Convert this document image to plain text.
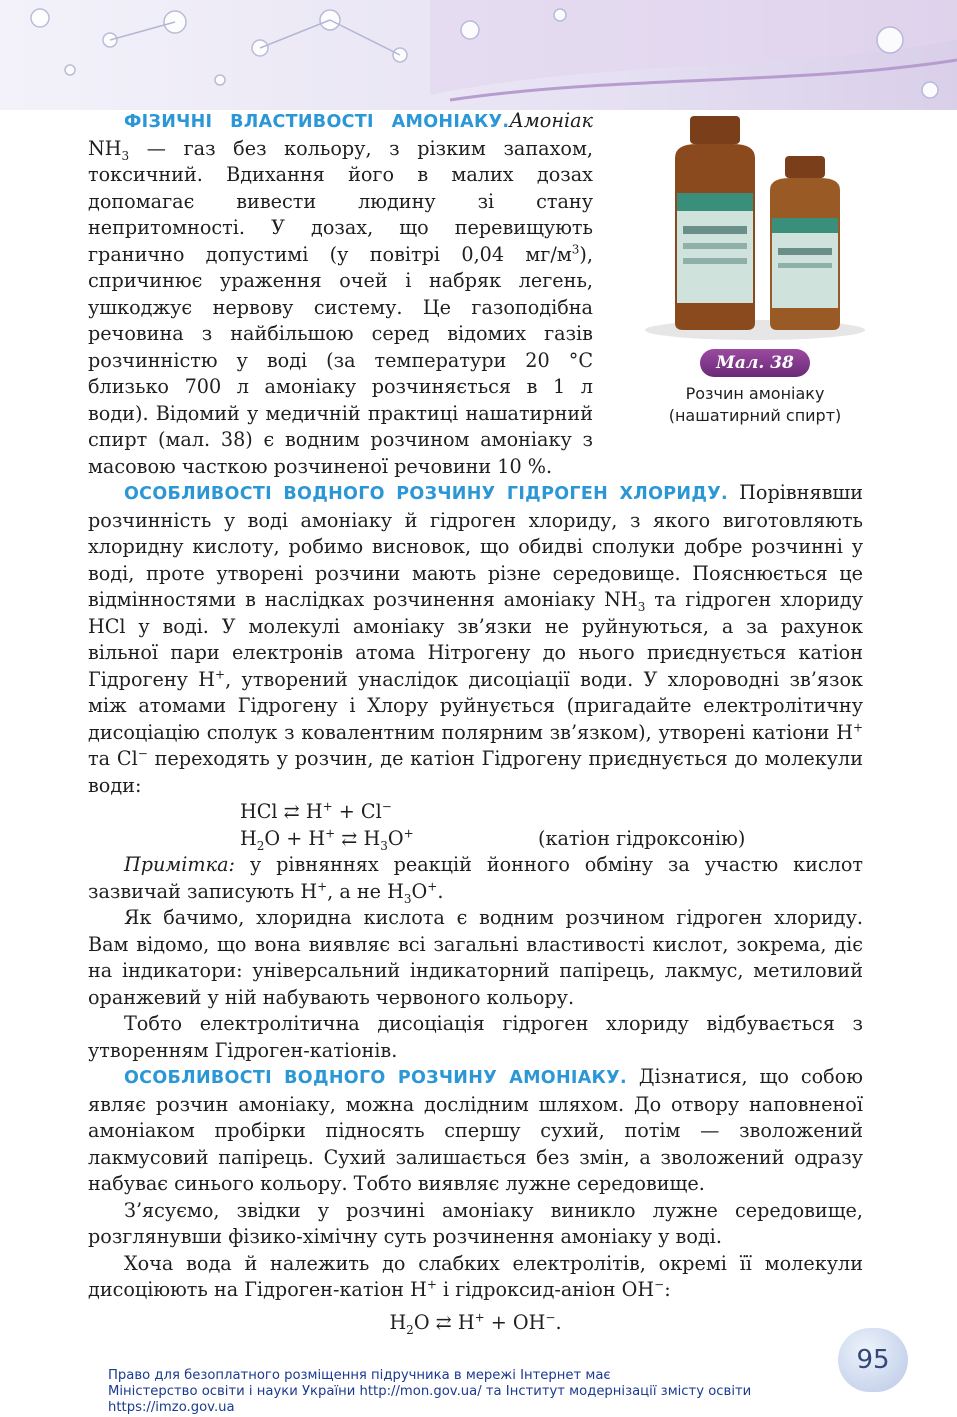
Мал. 38
Розчин амоніаку
(нашатирний спирт)

ФІЗИЧНІ ВЛАСТИВОСТІ АМОНІАКУ.Амоніак $NH_3$ — газ без кольору, з різким запахом, токсичний. Вдихання його в малих дозах допомагає вивести людину зі стану непритомності. У дозах, що перевищують гранично допустимі (у повітрі 0,04 $мг/м^3$), спричинює ураження очей і набряк легень, ушкоджує нервову систему. Це газоподібна речовина з найбільшою серед відомих газів розчинністю у воді (за температури 20 °С близько 700 л амоніаку розчиняється в 1 л води). Відомий у медичній практиці нашатирний спирт (мал. 38) є водним розчином амоніаку з масовою часткою розчиненої речовини 10 %.

ОСОБЛИВОСТІ ВОДНОГО РОЗЧИНУ ГІДРОГЕН ХЛОРИДУ. Порівнявши розчинність у воді амоніаку й гідроген хлориду, з якого виготовляють хлоридну кислоту, робимо висновок, що обидві сполуки добре розчинні у воді, проте утворені розчини мають різне середовище. Пояснюється це відмінностями в наслідках розчинення амоніаку $NH_3$ та гідроген хлориду HCl у воді. У молекулі амоніаку зв’язки не руйнуються, а за рахунок вільної пари електронів атома Нітрогену до нього приєднується катіон Гідрогену H+, утворений унаслідок дисоціації води. У хлороводні зв’язок між атомами Гідрогену і Хлору руйнується (пригадайте електролітичну дисоціацію сполук з ковалентним полярним зв’язком), утворені катіони H+ та Cl− переходять у розчин, де катіон Гідрогену приєднується до молекули води:

HCl ⇄ H+ + Cl−
$H_2O + H^+$ ⇄ $H_3O^+$	(катіон гідроксонію)

Примітка: у рівняннях реакцій йонного обміну за участю кислот зазвичай записують H+, а не $H_3O^+$.

Як бачимо, хлоридна кислота є водним розчином гідроген хлориду. Вам відомо, що вона виявляє всі загальні властивості кислот, зокрема, діє на індикатори: універсальний індикаторний папірець, лакмус, метиловий оранжевий у ній набувають червоного кольору.

Тобто електролітична дисоціація гідроген хлориду відбувається з утворенням Гідроген-катіонів.

ОСОБЛИВОСТІ ВОДНОГО РОЗЧИНУ АМОНІАКУ. Дізнатися, що собою являє розчин амоніаку, можна дослідним шляхом. До отвору наповненої амоніаком пробірки підносять спершу сухий, потім — зволожений лакмусовий папірець. Сухий залишається без змін, а зволожений одразу набуває синього кольору. Тобто виявляє лужне середовище.

З’ясуємо, звідки у розчині амоніаку виникло лужне середовище, розглянувши фізико-хімічну суть розчинення амоніаку у воді.

Хоча вода й належить до слабких електролітів, окремі її молекули дисоціюють на Гідроген-катіон H+ і гідроксид-аніон OH−:

$H_2O$ ⇄ H+ + OH−.
95
Право для безоплатного розміщення підручника в мережі Інтернет має
Міністерство освіти і науки України http://mon.gov.ua/ та Інститут модернізації змісту освіти https://imzo.gov.ua
